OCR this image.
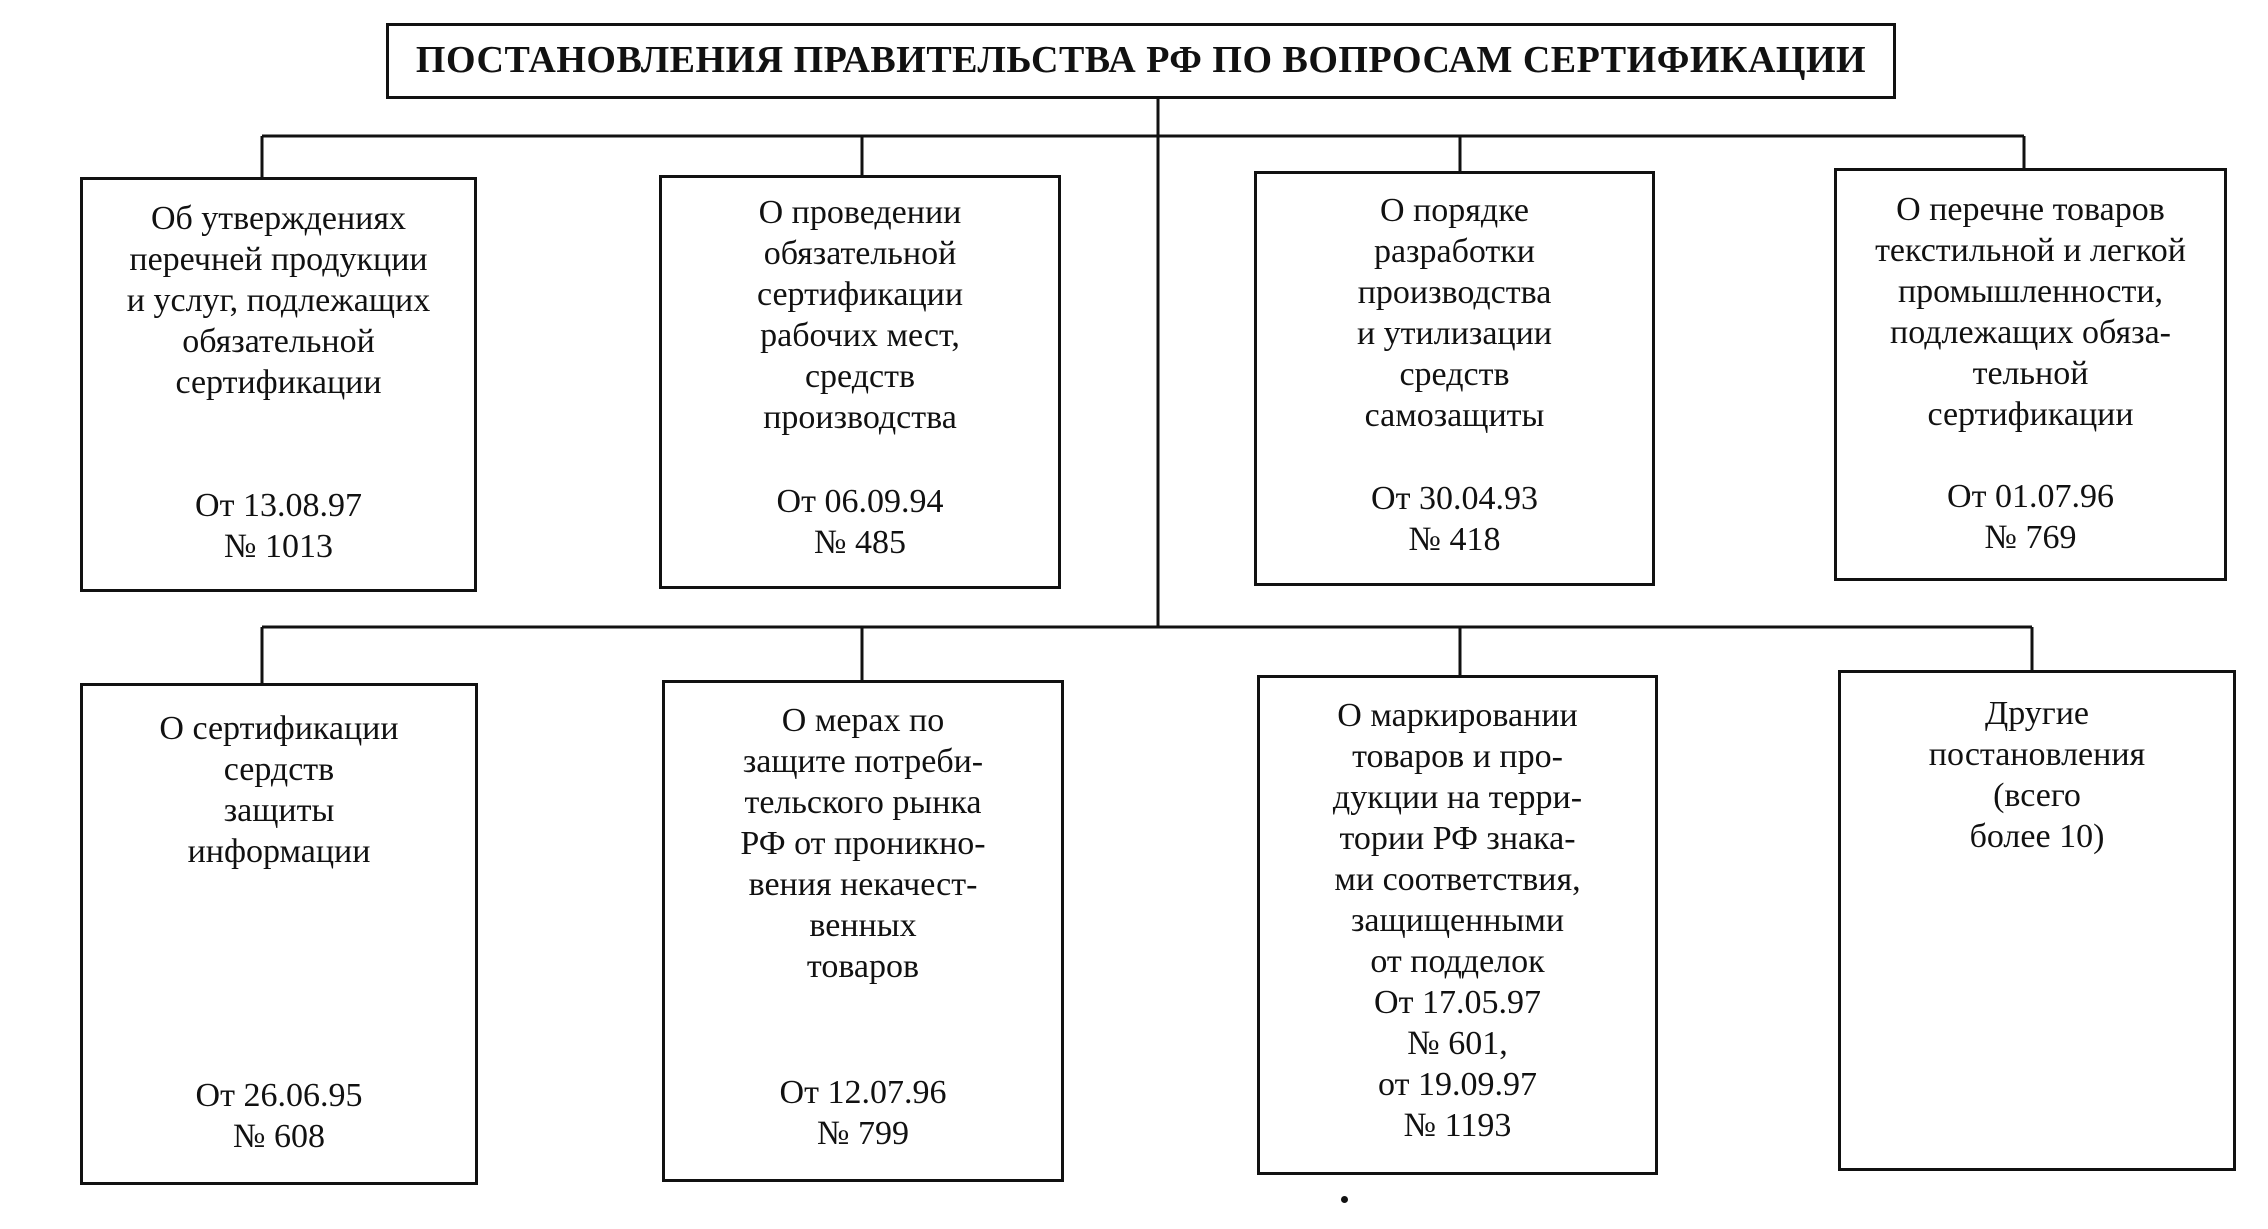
ПОСТАНОВЛЕНИЯ ПРАВИТЕЛЬСТВА РФ ПО ВОПРОСАМ СЕРТИФИКАЦИИ
Об утверждениях
перечней продукции
и услуг, подлежащих
обязательной
сертификации
От 13.08.97
№ 1013
О проведении
обязательной
сертификации
рабочих мест,
средств
производства
От 06.09.94
№ 485
О порядке
разработки
производства
и утилизации
средств
самозащиты
От 30.04.93
№ 418
О перечне товаров
текстильной и легкой
промышленности,
подлежащих обяза-
тельной
сертификации
От 01.07.96
№ 769
О сертификации
сердств
защиты
информации
От 26.06.95
№ 608
О мерах по
защите потреби-
тельского рынка
РФ от проникно-
вения некачест-
венных
товаров
От 12.07.96
№ 799
О маркировании
товаров и про-
дукции на терри-
тории РФ знака-
ми соответствия,
защищенными
от подделок
От 17.05.97
№ 601,
от 19.09.97
№ 1193
Другие
постановления
(всего
более 10)
